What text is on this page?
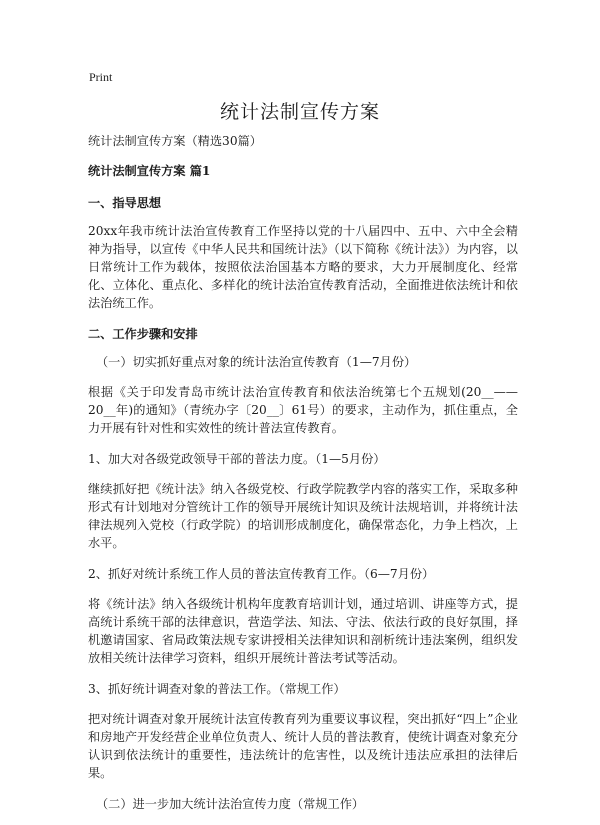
Print
统计法制宣传方案

统计法制宣传方案（精选30篇）

统计法制宣传方案 篇1

一、指导思想

20xx年我市统计法治宣传教育工作坚持以党的十八届四中、五中、六中全会精神为指导，以宣传《中华人民共和国统计法》（以下简称《统计法》）为内容，以日常统计工作为载体，按照依法治国基本方略的要求，大力开展制度化、经常化、立体化、重点化、多样化的统计法治宣传教育活动，全面推进依法统计和依法治统工作。

二、工作步骤和安排

（一）切实抓好重点对象的统计法治宣传教育（1—7月份）

根据《关于印发青岛市统计法治宣传教育和依法治统第七个五规划(20__——20__年)的通知》（青统办字〔20__〕61号）的要求，主动作为，抓住重点，全力开展有针对性和实效性的统计普法宣传教育。

1、加大对各级党政领导干部的普法力度。（1—5月份）

继续抓好把《统计法》纳入各级党校、行政学院教学内容的落实工作，采取多种形式有计划地对分管统计工作的领导开展统计知识及统计法规培训，并将统计法律法规列入党校（行政学院）的培训形成制度化，确保常态化，力争上档次，上水平。

2、抓好对统计系统工作人员的普法宣传教育工作。（6—7月份）

将《统计法》纳入各级统计机构年度教育培训计划，通过培训、讲座等方式，提高统计系统干部的法律意识，营造学法、知法、守法、依法行政的良好氛围，择机邀请国家、省局政策法规专家讲授相关法律知识和剖析统计违法案例，组织发放相关统计法律学习资料，组织开展统计普法考试等活动。

3、抓好统计调查对象的普法工作。（常规工作）

把对统计调查对象开展统计法宣传教育列为重要议事议程，突出抓好“四上”企业和房地产开发经营企业单位负责人、统计人员的普法教育，使统计调查对象充分认识到依法统计的重要性，违法统计的危害性，以及统计违法应承担的法律后果。

（二）进一步加大统计法治宣传力度（常规工作）
